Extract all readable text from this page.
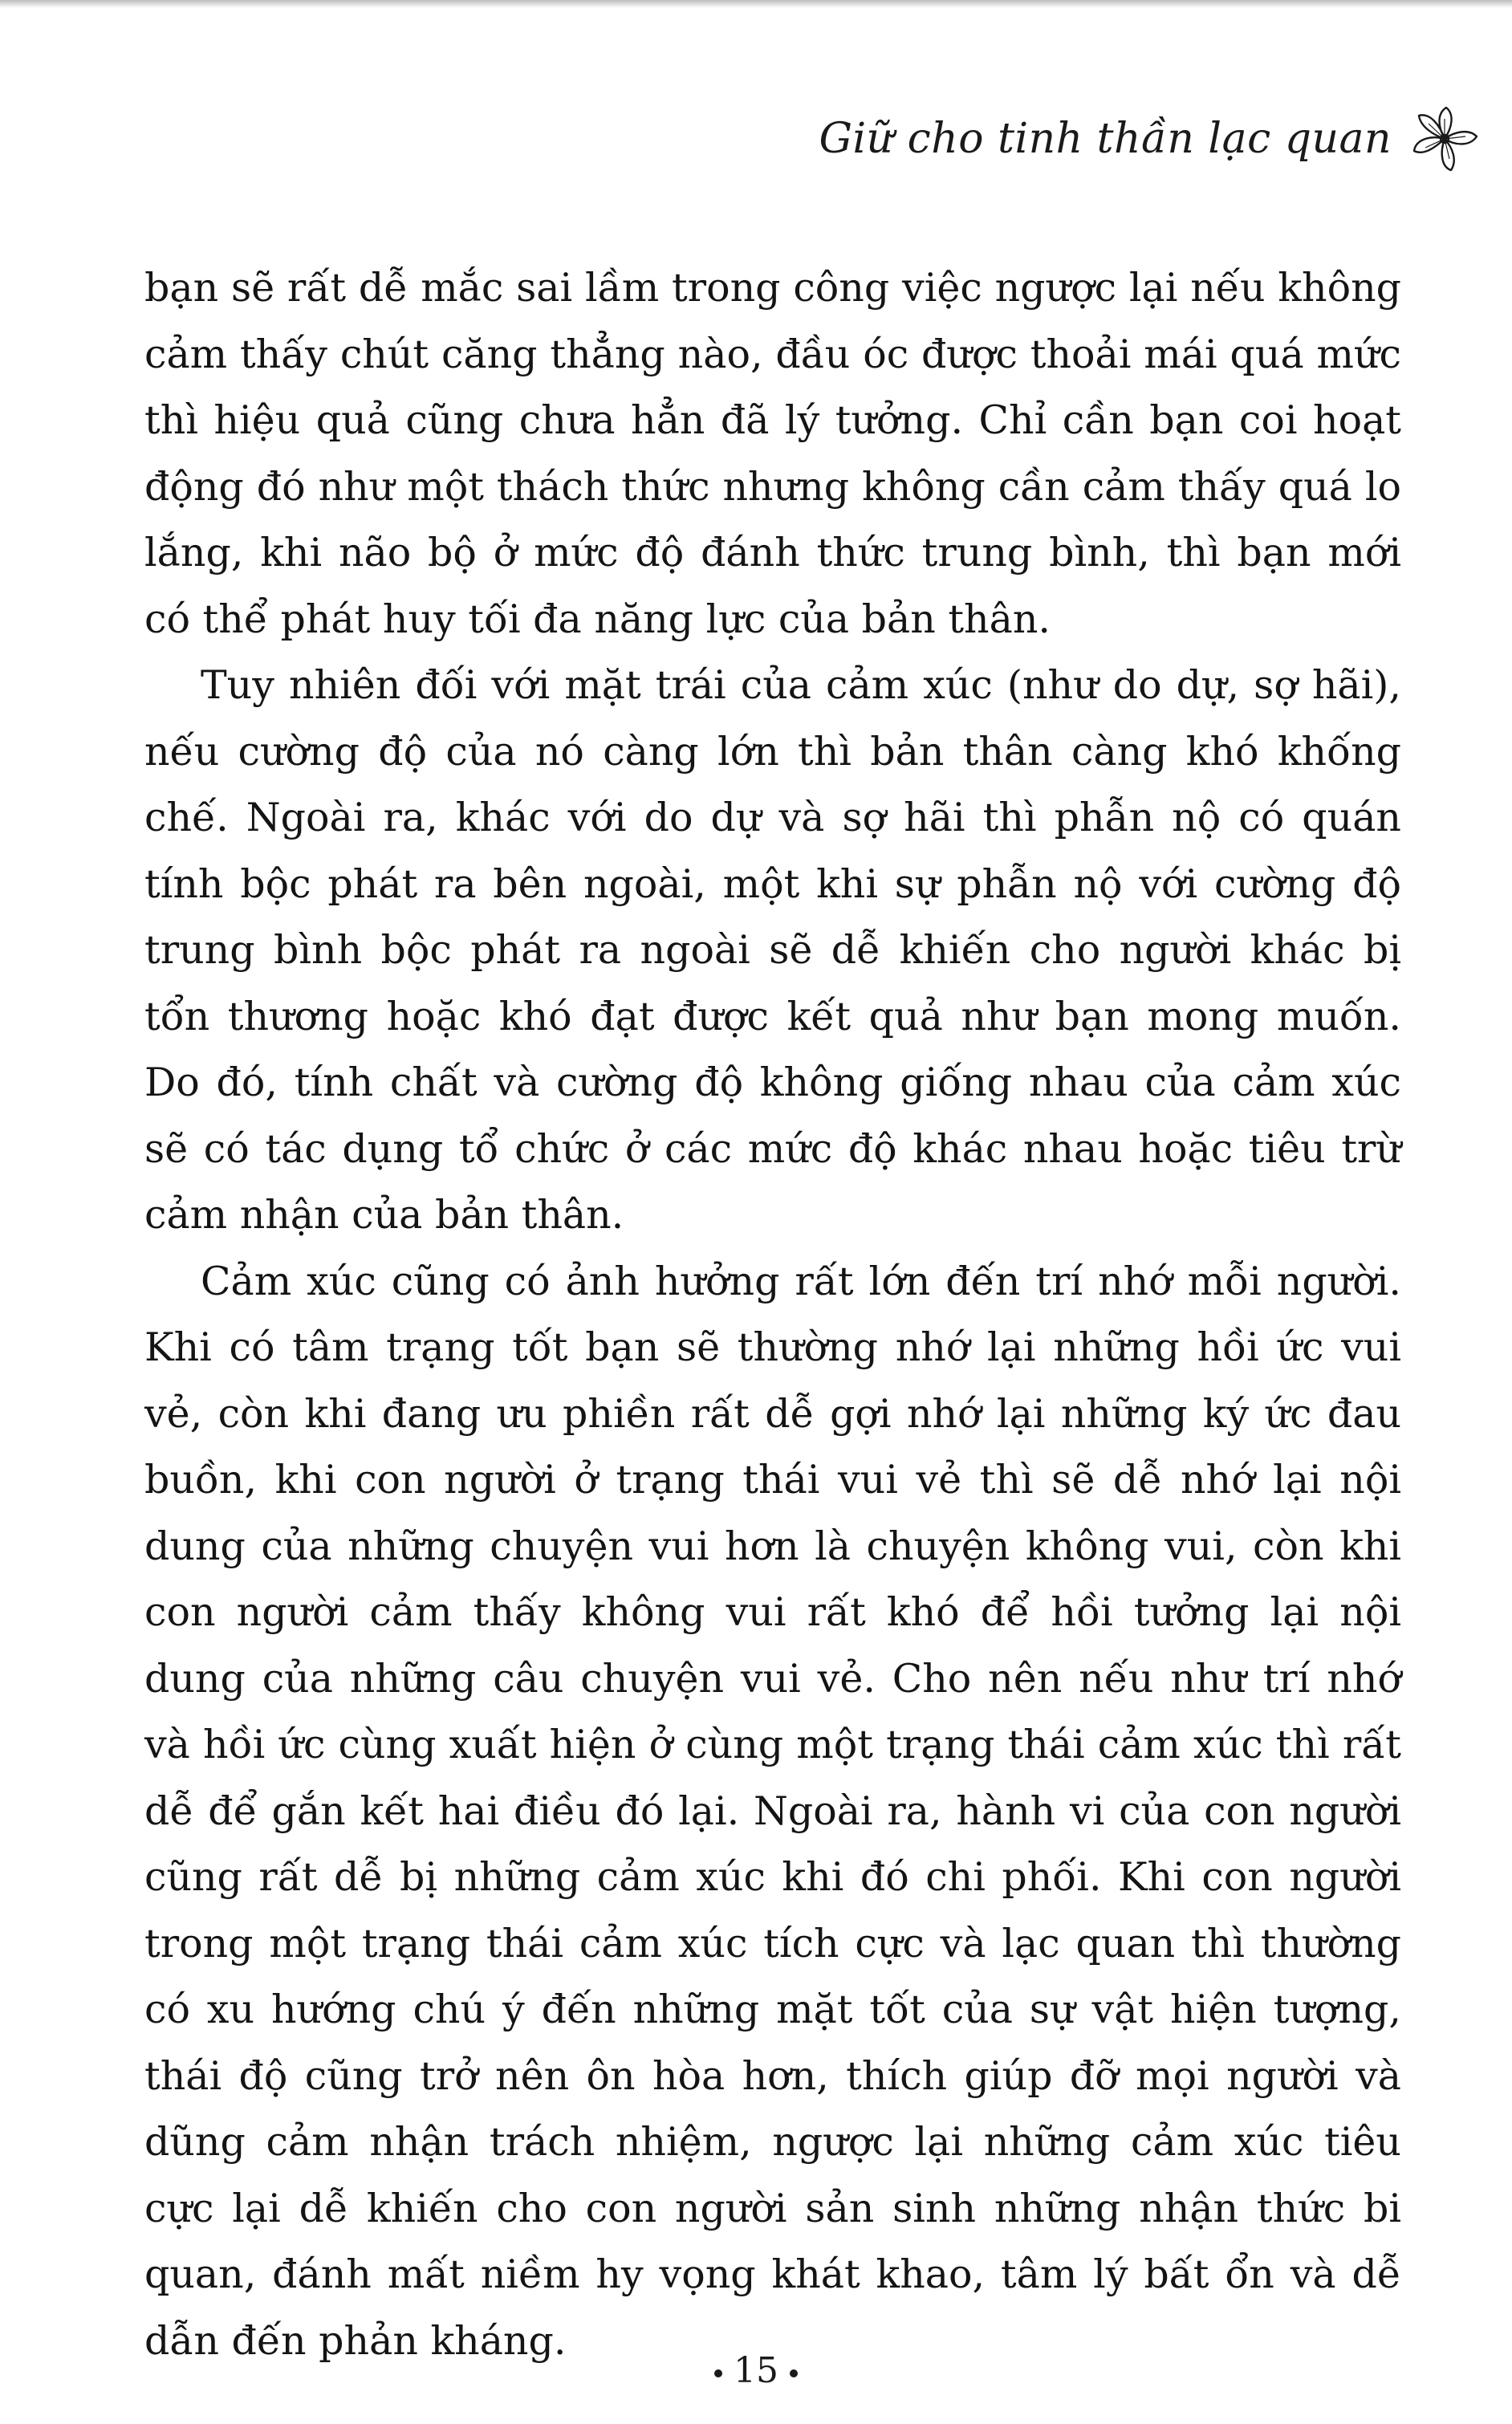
Giữ cho tinh thần lạc quan

bạn sẽ rất dễ mắc sai lầm trong công việc ngược lại nếu không cảm thấy chút căng thẳng nào, đầu óc được thoải mái quá mức thì hiệu quả cũng chưa hẳn đã lý tưởng. Chỉ cần bạn coi hoạt động đó như một thách thức nhưng không cần cảm thấy quá lo lắng, khi não bộ ở mức độ đánh thức trung bình, thì bạn mới có thể phát huy tối đa năng lực của bản thân.

Tuy nhiên đối với mặt trái của cảm xúc (như do dự, sợ hãi), nếu cường độ của nó càng lớn thì bản thân càng khó khống chế. Ngoài ra, khác với do dự và sợ hãi thì phẫn nộ có quán tính bộc phát ra bên ngoài, một khi sự phẫn nộ với cường độ trung bình bộc phát ra ngoài sẽ dễ khiến cho người khác bị tổn thương hoặc khó đạt được kết quả như bạn mong muốn. Do đó, tính chất và cường độ không giống nhau của cảm xúc sẽ có tác dụng tổ chức ở các mức độ khác nhau hoặc tiêu trừ cảm nhận của bản thân.

Cảm xúc cũng có ảnh hưởng rất lớn đến trí nhớ mỗi người. Khi có tâm trạng tốt bạn sẽ thường nhớ lại những hồi ức vui vẻ, còn khi đang ưu phiền rất dễ gợi nhớ lại những ký ức đau buồn, khi con người ở trạng thái vui vẻ thì sẽ dễ nhớ lại nội dung của những chuyện vui hơn là chuyện không vui, còn khi con người cảm thấy không vui rất khó để hồi tưởng lại nội dung của những câu chuyện vui vẻ. Cho nên nếu như trí nhớ và hồi ức cùng xuất hiện ở cùng một trạng thái cảm xúc thì rất dễ để gắn kết hai điều đó lại. Ngoài ra, hành vi của con người cũng rất dễ bị những cảm xúc khi đó chi phối. Khi con người trong một trạng thái cảm xúc tích cực và lạc quan thì thường có xu hướng chú ý đến những mặt tốt của sự vật hiện tượng, thái độ cũng trở nên ôn hòa hơn, thích giúp đỡ mọi người và dũng cảm nhận trách nhiệm, ngược lại những cảm xúc tiêu cực lại dễ khiến cho con người sản sinh những nhận thức bi quan, đánh mất niềm hy vọng khát khao, tâm lý bất ổn và dễ dẫn đến phản kháng.

15
